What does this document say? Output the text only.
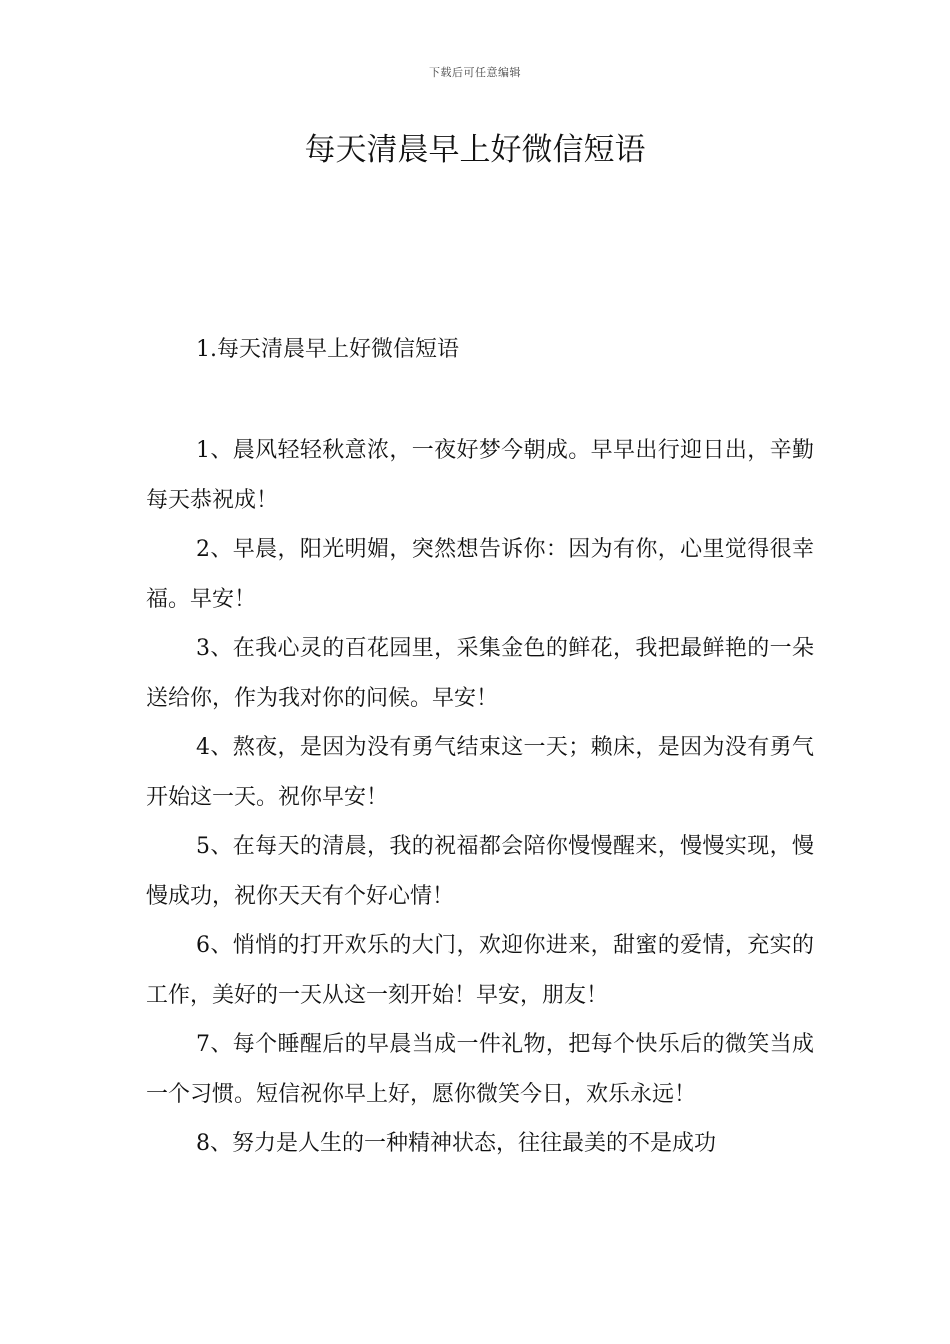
下载后可任意编辑
每天清晨早上好微信短语

1.每天清晨早上好微信短语

1、晨风轻轻秋意浓，一夜好梦今朝成。早早出行迎日出，辛勤每天恭祝成！

2、早晨，阳光明媚，突然想告诉你：因为有你，心里觉得很幸福。早安！

3、在我心灵的百花园里，采集金色的鲜花，我把最鲜艳的一朵送给你，作为我对你的问候。早安！

4、熬夜，是因为没有勇气结束这一天；赖床，是因为没有勇气开始这一天。祝你早安！

5、在每天的清晨，我的祝福都会陪你慢慢醒来，慢慢实现，慢慢成功，祝你天天有个好心情！

6、悄悄的打开欢乐的大门，欢迎你进来，甜蜜的爱情，充实的工作，美好的一天从这一刻开始！早安，朋友！

7、每个睡醒后的早晨当成一件礼物，把每个快乐后的微笑当成一个习惯。短信祝你早上好，愿你微笑今日，欢乐永远！

8、努力是人生的一种精神状态，往往最美的不是成功
